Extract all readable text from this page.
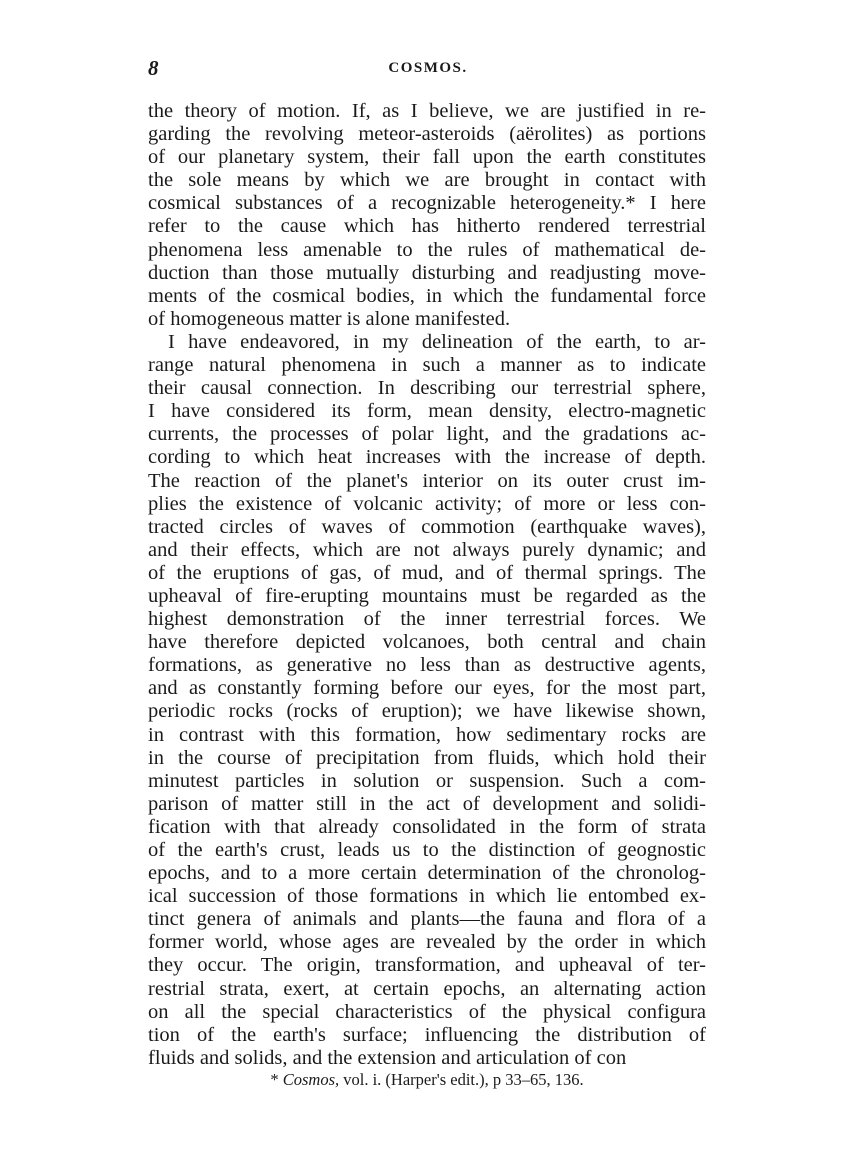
8	COSMOS.
the theory of motion. If, as I believe, we are justified in re-
garding the revolving meteor-asteroids (aërolites) as portions
of our planetary system, their fall upon the earth constitutes
the sole means by which we are brought in contact with
cosmical substances of a recognizable heterogeneity.* I here
refer to the cause which has hitherto rendered terrestrial
phenomena less amenable to the rules of mathematical de-
duction than those mutually disturbing and readjusting move-
ments of the cosmical bodies, in which the fundamental force
of homogeneous matter is alone manifested.
I have endeavored, in my delineation of the earth, to ar-
range natural phenomena in such a manner as to indicate
their causal connection. In describing our terrestrial sphere,
I have considered its form, mean density, electro-magnetic
currents, the processes of polar light, and the gradations ac-
cording to which heat increases with the increase of depth.
The reaction of the planet's interior on its outer crust im-
plies the existence of volcanic activity; of more or less con-
tracted circles of waves of commotion (earthquake waves),
and their effects, which are not always purely dynamic; and
of the eruptions of gas, of mud, and of thermal springs. The
upheaval of fire-erupting mountains must be regarded as the
highest demonstration of the inner terrestrial forces. We
have therefore depicted volcanoes, both central and chain
formations, as generative no less than as destructive agents,
and as constantly forming before our eyes, for the most part,
periodic rocks (rocks of eruption); we have likewise shown,
in contrast with this formation, how sedimentary rocks are
in the course of precipitation from fluids, which hold their
minutest particles in solution or suspension. Such a com-
parison of matter still in the act of development and solidi-
fication with that already consolidated in the form of strata
of the earth's crust, leads us to the distinction of geognostic
epochs, and to a more certain determination of the chronolog-
ical succession of those formations in which lie entombed ex-
tinct genera of animals and plants—the fauna and flora of a
former world, whose ages are revealed by the order in which
they occur. The origin, transformation, and upheaval of ter-
restrial strata, exert, at certain epochs, an alternating action
on all the special characteristics of the physical configura
tion of the earth's surface; influencing the distribution of
fluids and solids, and the extension and articulation of con
* Cosmos, vol. i. (Harper's edit.), p 33–65, 136.
